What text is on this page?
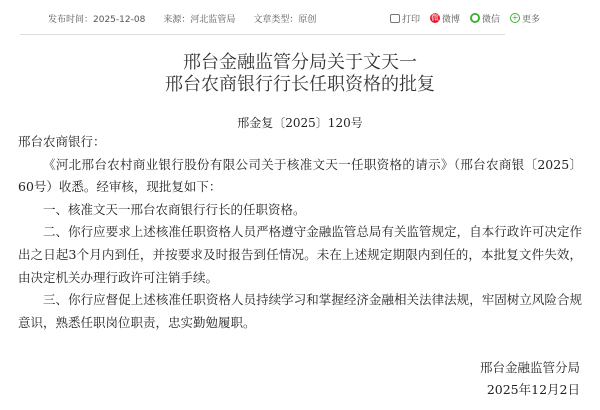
发布时间：2025-12-08 来源：河北监管局 文章类型：原创	打印 微 微博 ● 微信 + 更多
邢台金融监管分局关于文天一
邢台农商银行行长任职资格的批复
邢金复〔2025〕120号

邢台农商银行：

《河北邢台农村商业银行股份有限公司关于核准文天一任职资格的请示》（邢台农商银〔2025〕60号）收悉。经审核，现批复如下：

一、核准文天一邢台农商银行行长的任职资格。

二、你行应要求上述核准任职资格人员严格遵守金融监管总局有关监管规定，自本行政许可决定作出之日起3个月内到任，并按要求及时报告到任情况。未在上述规定期限内到任的，本批复文件失效，由决定机关办理行政许可注销手续。

三、你行应督促上述核准任职资格人员持续学习和掌握经济金融相关法律法规，牢固树立风险合规意识，熟悉任职岗位职责，忠实勤勉履职。

邢台金融监管分局
2025年12月2日
